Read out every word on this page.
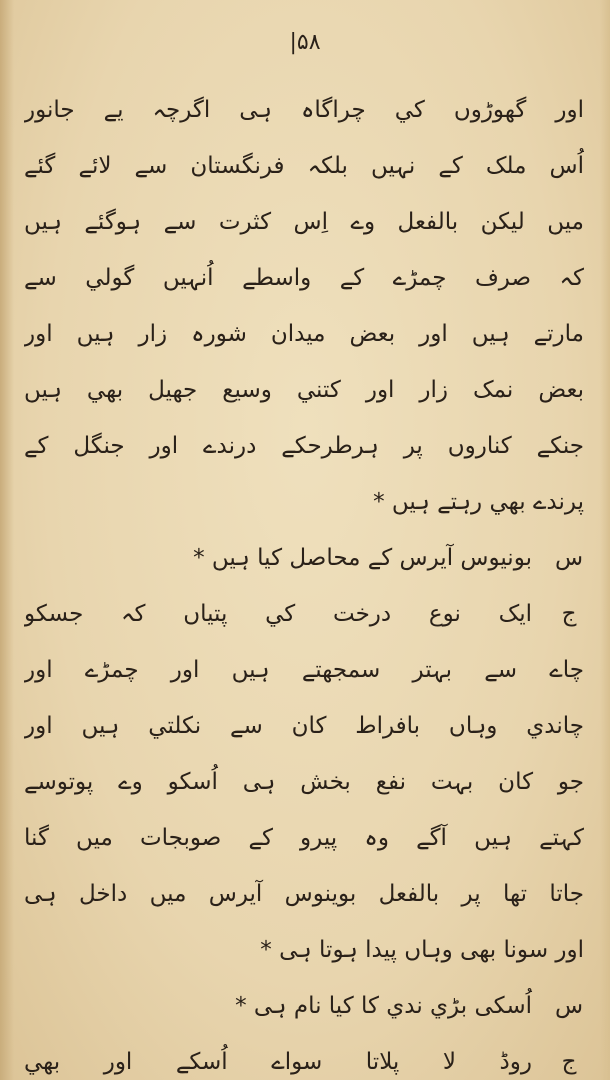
|۵۸
اور گھوڑوں کي چراگاہ ہی اگرچہ یے جانور
اُس ملک کے نہیں بلکہ فرنگستان سے لائے گئے
میں لیکن بالفعل وے اِس کثرت سے ہوگئے ہیں
کہ صرف چمڑے کے واسطے اُنہیں گولي سے
مارتے ہیں اور بعض میدان شورہ زار ہیں اور
بعض نمک زار اور کتني وسیع جھیل بھي ہیں
جنکے کناروں پر ہرطرحکے درندے اور جنگل کے
پرندے بھي رہتے ہیں *
س
بونیوس آیرس کے محاصل کیا ہیں *
ج
ایک نوع درخت کي پتیاں کہ جسکو
چاے سے بہتر سمجھتے ہیں اور چمڑے اور
چاندي وہاں بافراط کان سے نکلتي ہیں اور
جو کان بہت نفع بخش ہی اُسکو وے پوتوسے
کہتے ہیں آگے وہ پیرو کے صوبجات میں گنا
جاتا تھا پر بالفعل بوینوس آیرس میں داخل ہی
اور سونا بھی وہاں پیدا ہوتا ہی *
س
اُسکی بڑي ندي کا کیا نام ہی *
ج
روڈ لا پلاتا سواے اُسکے اور بھي
